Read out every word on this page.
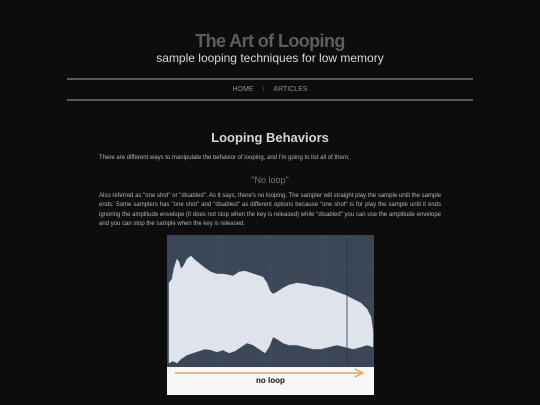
The Art of Looping
sample looping techniques for low memory
HOME / ARTICLES
Looping Behaviors
There are different ways to manipulate the behavior of looping, and I'm going to list all of them:
"No loop"
Also referred as "one shot" or "disabled". As it says, there's no looping. The sampler will straight play the sample until the sample ends. Some samplers has "one shot" and "disabled" as different options because "one shot" is for play the sample until it ends ignoring the amplitude envelope (it does not stop when the key is released) while "disabled" you can use the amplitude envelope and you can stop the sample when the key is released.
no loop
